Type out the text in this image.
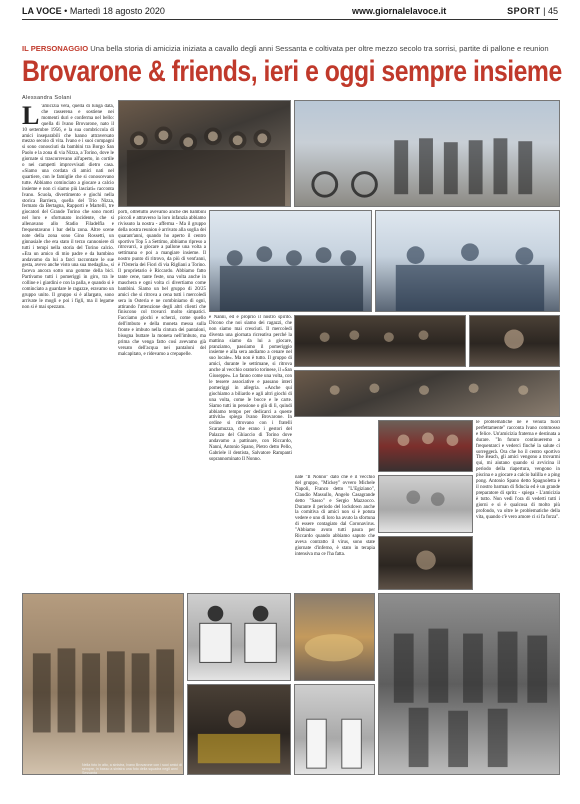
LA VOCE • Martedì 18 agosto 2020	www.giornalelavoce.it	SPORT | 45
IL PERSONAGGIO Una bella storia di amicizia iniziata a cavallo degli anni Sessanta e coltivata per oltre mezzo secolo tra sorrisi, partite di pallone e reunion
Brovarone & friends, ieri e oggi sempre insieme
Alessandra Solani
L 'amicizia vera, quella di lunga data, che rasserena e sostiene nei momenti duri e conferma nel bello: quella di Ivano Brovarone, nato il 10 settembre 1956, e la sua combriccola di amici inseparabili che hanno attraversato mezzo secolo di vita. Ivano e i suoi compagni si sono conosciuti da bambini tra Borgo San Paolo e la zona di via Nizza, a Torino, dove le giornate si trascorrevano all'aperto, in cortile o nei campetti improvvisati dietro casa. «Siamo una cordata di amici nati nel quartiere, con le famiglie che si conoscevano tutte. Abbiamo cominciato a giocare a calcio insieme e non ci siamo più lasciati» racconta Ivano. Scuola, divertimento e giochi nella storica Barriera, quella del Trio Nizza, fermato da Bertagna, Rapporti e Martelli, tre giocatori del Grande Torino che sono morti nel loro e sfortunato incidente, che si allenavano allo Stadio Filadelfia e frequentavano i bar della zona. Altre scene note della zona sono Gino Rossetti, un ginnasiale che era stato il terzo cannoniere di tutti i tempi nella storia del Torino calcio. «Era un amico di mio padre e da bambino andavamo da lui a farci raccontare le sue gesta, avevo anche visto una sua medaglia», si faceva ancora sotto una gomme della bici. Partivamo tutti i pomeriggi in giro, tra le colline e i giardini e con la palla, e quando si è cominciato a guardare le ragazze, eravamo un gruppo unito. Il gruppo si è allargato, sono arrivate le mogli e poi i figli, ma il legame non si è mai spezzato.

porti, oltretutto avevamo anche dei bambini piccoli e attraverso la loro infanzia abbiamo rivissuto la nostra - afferma - Ma il gruppo della nostra reunion è arrivato alla soglia dei quarant'anni, quando ho aperto il centro sportivo Top 5 a Settimo, abbiamo ripreso a ritrovarci, a giocare a pallone una volta a settimana e poi a mangiare insieme. Il nostro punto di ritrovo, da più di vent'anni, è l'Osteria dei Fiori di via Rigliani a Torino. Il proprietario è Riccardo. Abbiamo fatto tante cene, tante feste, una volta anche in maschera e ogni volta ci divertiamo come bambini. Siamo un bel gruppo di 20/25 amici che si ritrova a cena tutti i mercoledì sera in Osteria e ne combiniamo di ogni, attirando l'attenzione degli altri clienti che finiscono col trovarci molto simpatici. Facciamo giochi e scherzi, come quello dell'imbuto e della moneta messa sulla fronte e imbuto nella cintura dei pantaloni, bisogna buttare la moneta nell'imbuto, ma prima che venga fatto così avevamo già versato dell'acqua nei pantaloni del malcapitato, e ridevamo a crepapelle.

e Nanni, ed è proprio il nostro spirito. Dicono che noi siamo dei ragazzi, che non siamo mai cresciuti. Il mercoledì diventa una giornata ricreativa perché la mattina siamo da lui a giocare, pranziamo, passiamo il pomeriggio insieme e alla sera andiamo a cenare nel suo locale». Ma non è tutto. Il gruppo di amici, durante le settimane, si ritrova anche al vecchio oratorio torinese, il «San Giuseppe». Lo fanno come una volta, con le tessere associative e passano interi pomeriggi in allegria. «Anche qui giochiamo a biliardo e agli altri giochi di una volta, come le bocce e le carte. Siamo tutti in pensione o giù di lì, quindi abbiamo tempo per dedicarci a queste attività» spiega Ivano Brovarone. In ordine si ritrovano con i fratelli Scaramuzza, che erano i gestori del Palazzo del Ghiaccio di Torino dove andavamo a pattinare, con Riccardo, Nanni, Antonio Spano, Pietro detto Pello, Gabriele il dentista, Salvatore Rampanti soprannominato Il Nonno.

nate "Il Nonno" dato che è il vecchio del gruppo, "Mickey" ovvero Michele Napoli, Franco detto "L'Egiziano", Claudio Massullo, Angelo Casagrande detto "Sasso" e Sergio Mazzocco. Durante il periodo del lockdown anche la comitiva di amici non si è potuta vedere e uno di loro ha avuto la sfortuna di essere contagiato dal Coronavirus. "Abbiamo avuto tutti paura per Riccardo quando abbiamo saputo che aveva contratto il virus, sono state giornate d'inferno, è stato in terapia intensiva ma ce l'ha fatta.

le problematiche ne è venuta fuori perfettamente" racconta Ivano commosso e felice. Un'amicizia fraterna e destinata a durare. "In futuro continueremo a frequentarci e vederci finché la salute ci sorreggerà. Ora che ho il centro sportivo The Beach, gli amici vengono a trovarmi qui, mi aiutano quando si avvicina il periodo della riapertura, vengono in piscina e a giocare a calcio balilla e a ping pong. Antonio Spano detto Spagnoletta è il nostro barman di fiducia ed è un grande preparatore di spritz - spiega - L'amicizia è tutto. Non vedi l'ora di vederti tutti i giorni e si è qualcosa di molto più profondo, va oltre le problematiche della vita, quando c'è vero amore ci si fa forza".

Nella foto in alto, a sinistra, Ivano Brovarone con i suoi amici di sempre, in basso a sinistra una foto della squadra negli anni Sessanta
